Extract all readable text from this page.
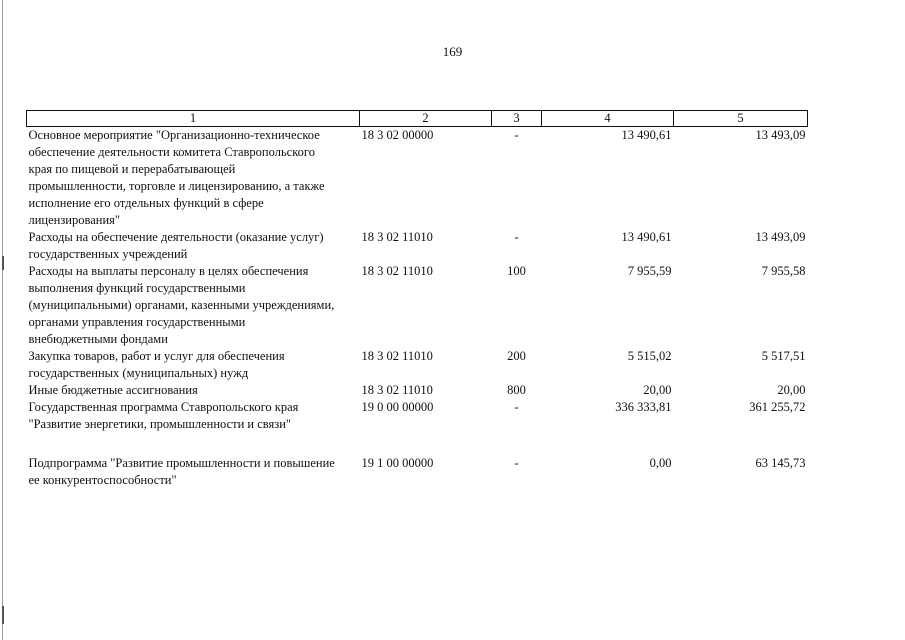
169
1	2	3	4	5
Основное мероприятие "Организационно-техническое обеспечение деятельности комитета Ставропольского края по пищевой и перерабатывающей промышленности, торговле и лицензированию, а также исполнение его отдельных функций в сфере лицензирования"	18 3 02 00000	-	13 490,61	13 493,09
Расходы на обеспечение деятельности (оказание услуг) государственных учреждений	18 3 02 11010	-	13 490,61	13 493,09
Расходы на выплаты персоналу в целях обеспечения выполнения функций государственными (муниципальными) органами, казенными учреждениями, органами управления государственными внебюджетными фондами	18 3 02 11010	100	7 955,59	7 955,58
Закупка товаров, работ и услуг для обеспечения государственных (муниципальных) нужд	18 3 02 11010	200	5 515,02	5 517,51
Иные бюджетные ассигнования	18 3 02 11010	800	20,00	20,00
Государственная программа Ставропольского края "Развитие энергетики, промышленности и связи"	19 0 00 00000	-	336 333,81	361 255,72

Подпрограмма "Развитие промышленности и повышение ее конкурентоспособности"	19 1 00 00000	-	0,00	63 145,73
